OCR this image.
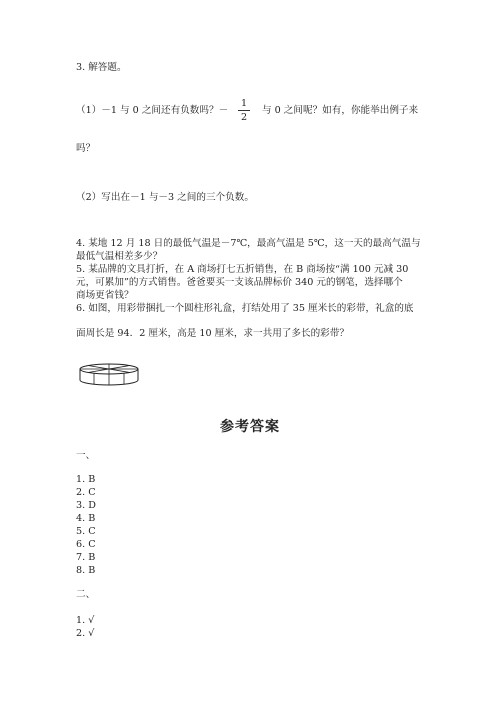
3. 解答题。
（1）－1 与 0 之间还有负数吗？－
1
2
与 0 之间呢？如有，你能举出例子来
吗？
（2）写出在－1 与－3 之间的三个负数。
4. 某地 12 月 18 日的最低气温是－7℃，最高气温是 5℃，这一天的最高气温与
最低气温相差多少？
5. 某品牌的文具打折，在 A 商场打七五折销售，在 B 商场按“满 100 元减 30
元，可累加”的方式销售。爸爸要买一支该品牌标价 340 元的钢笔，选择哪个
商场更省钱？
6. 如图，用彩带捆扎一个圆柱形礼盒，打结处用了 35 厘米长的彩带，礼盒的底
面周长是 94．2 厘米，高是 10 厘米，求一共用了多长的彩带？
参考答案
一、
1. B
2. C
3. D
4. B
5. C
6. C
7. B
8. B
二、
1. √
2. √
